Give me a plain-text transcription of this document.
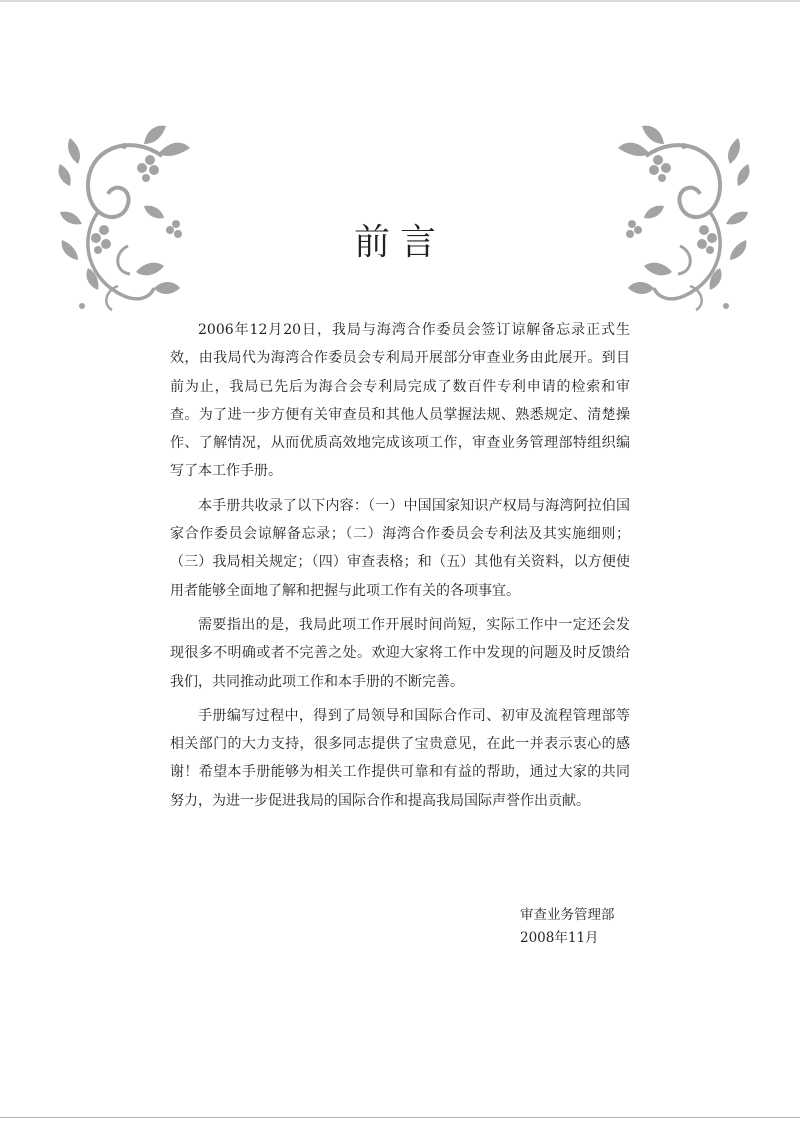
前言

2006年12月20日，我局与海湾合作委员会签订谅解备忘录正式生效，由我局代为海湾合作委员会专利局开展部分审查业务由此展开。到目前为止，我局已先后为海合会专利局完成了数百件专利申请的检索和审查。为了进一步方便有关审查员和其他人员掌握法规、熟悉规定、清楚操作、了解情况，从而优质高效地完成该项工作，审查业务管理部特组织编写了本工作手册。

本手册共收录了以下内容：（一）中国国家知识产权局与海湾阿拉伯国家合作委员会谅解备忘录；（二）海湾合作委员会专利法及其实施细则；（三）我局相关规定；（四）审查表格；和（五）其他有关资料，以方便使用者能够全面地了解和把握与此项工作有关的各项事宜。

需要指出的是，我局此项工作开展时间尚短，实际工作中一定还会发现很多不明确或者不完善之处。欢迎大家将工作中发现的问题及时反馈给我们，共同推动此项工作和本手册的不断完善。

手册编写过程中，得到了局领导和国际合作司、初审及流程管理部等相关部门的大力支持，很多同志提供了宝贵意见，在此一并表示衷心的感谢！希望本手册能够为相关工作提供可靠和有益的帮助，通过大家的共同努力，为进一步促进我局的国际合作和提高我局国际声誉作出贡献。

审查业务管理部
2008年11月
